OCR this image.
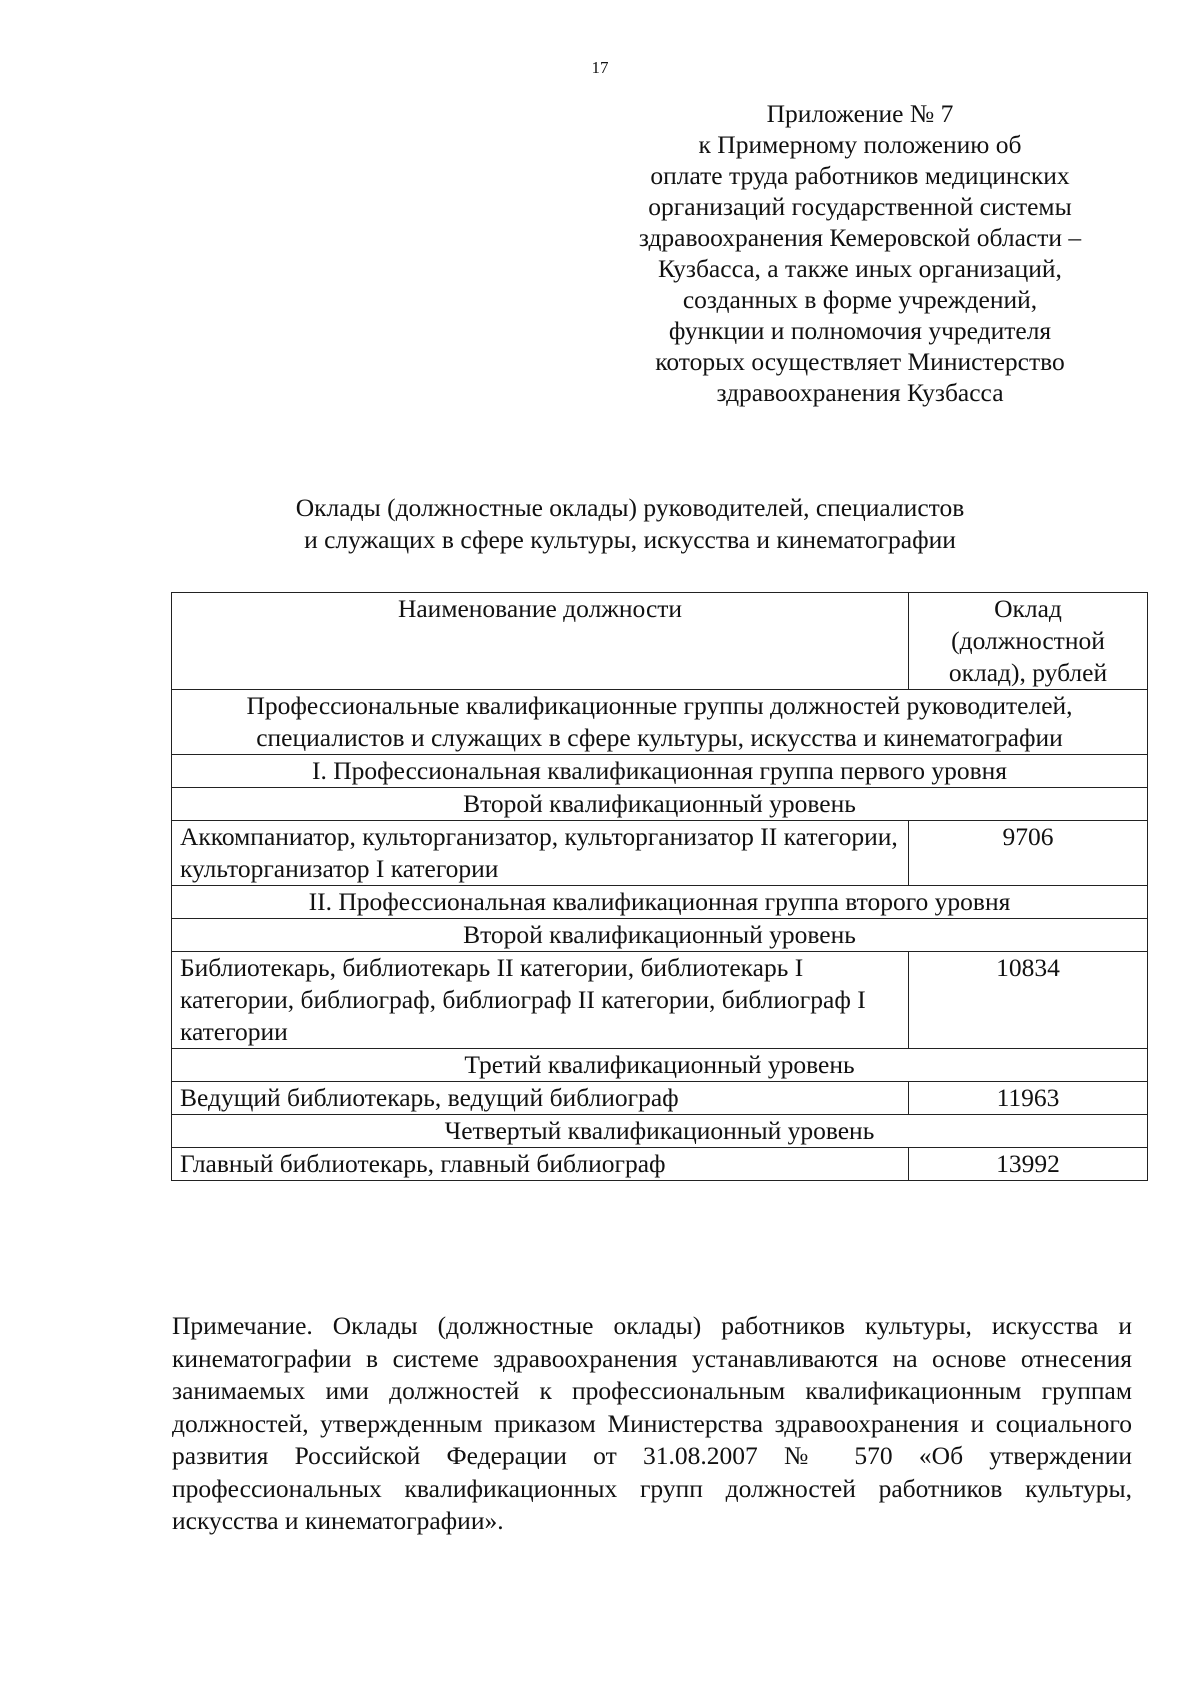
17
Приложение № 7
к Примерному положению об
оплате труда работников медицинских
организаций государственной системы
здравоохранения Кемеровской области –
Кузбасса, а также иных организаций,
созданных в форме учреждений,
функции и полномочия учредителя
которых осуществляет Министерство
здравоохранения Кузбасса
Оклады (должностные оклады) руководителей, специалистов
и служащих в сфере культуры, искусства и кинематографии
Наименование должности	Оклад (должностной оклад), рублей
Профессиональные квалификационные группы должностей руководителей, специалистов и служащих в сфере культуры, искусства и кинематографии	
I. Профессиональная квалификационная группа первого уровня	
Второй квалификационный уровень	
Аккомпаниатор, культорганизатор, культорганизатор II категории, культорганизатор I категории	9706
II. Профессиональная квалификационная группа второго уровня	
Второй квалификационный уровень	
Библиотекарь, библиотекарь II категории, библиотекарь I категории, библиограф, библиограф II категории, библиограф I категории	10834
Третий квалификационный уровень	
Ведущий библиотекарь, ведущий библиограф	11963
Четвертый квалификационный уровень	
Главный библиотекарь, главный библиограф	13992
Примечание. Оклады (должностные оклады) работников культуры, искусства и кинематографии в системе здравоохранения устанавливаются на основе отнесения занимаемых ими должностей к профессиональным квалификационным группам должностей, утвержденным приказом Министерства здравоохранения и социального развития Российской Федерации от 31.08.2007 № 570 «Об утверждении профессиональных квалификационных групп должностей работников культуры, искусства и кинематографии».
